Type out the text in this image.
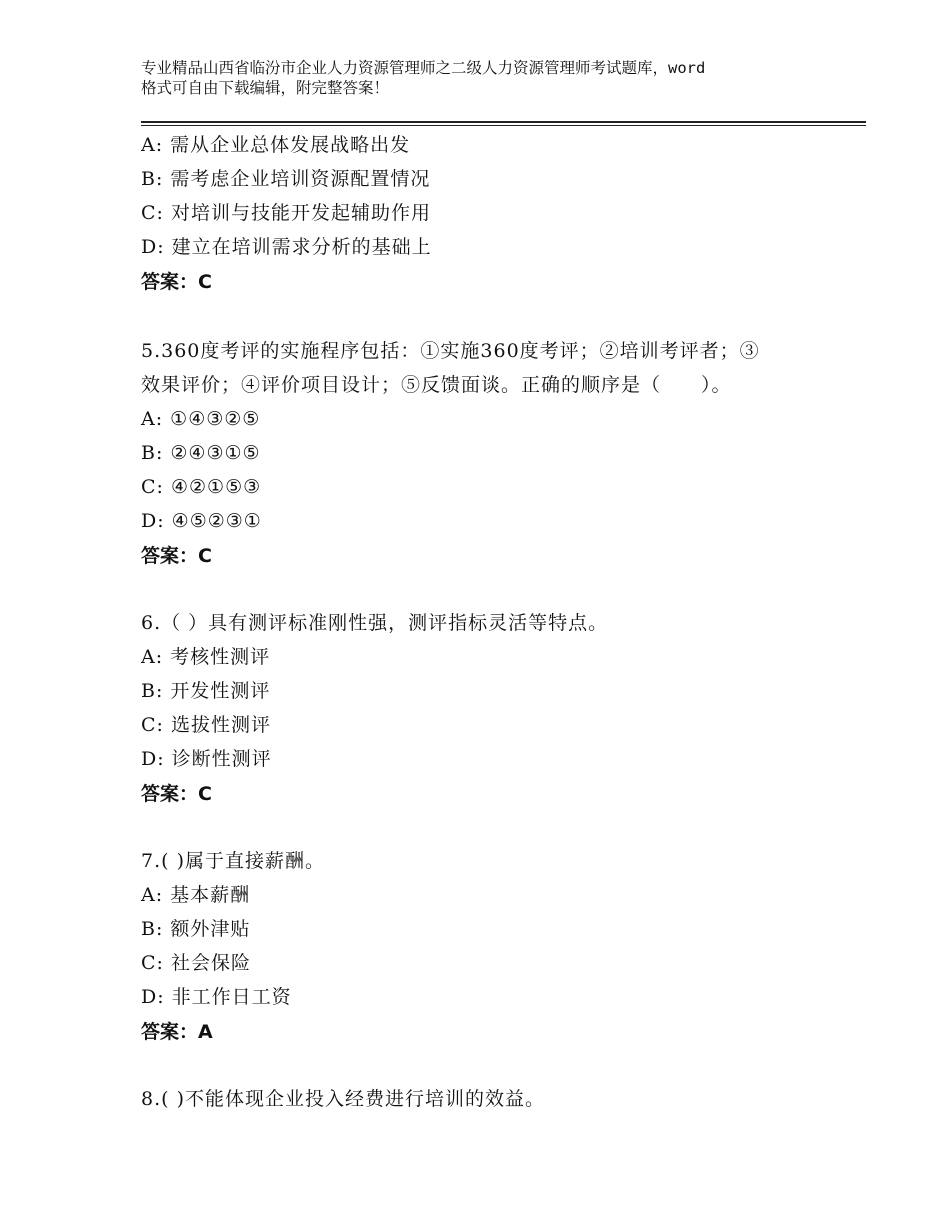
专业精品山西省临汾市企业人力资源管理师之二级人力资源管理师考试题库，word
格式可自由下载编辑，附完整答案！
A: 需从企业总体发展战略出发
B: 需考虑企业培训资源配置情况
C: 对培训与技能开发起辅助作用
D: 建立在培训需求分析的基础上
答案：C
5.360度考评的实施程序包括：①实施360度考评；②培训考评者；③
效果评价；④评价项目设计；⑤反馈面谈。正确的顺序是（　　）。
A: ①④③②⑤
B: ②④③①⑤
C: ④②①⑤③
D: ④⑤②③①
答案：C
6.（ ）具有测评标准刚性强，测评指标灵活等特点。
A: 考核性测评
B: 开发性测评
C: 选拔性测评
D: 诊断性测评
答案：C
7.( )属于直接薪酬。
A: 基本薪酬
B: 额外津贴
C: 社会保险
D: 非工作日工资
答案：A
8.( )不能体现企业投入经费进行培训的效益。
